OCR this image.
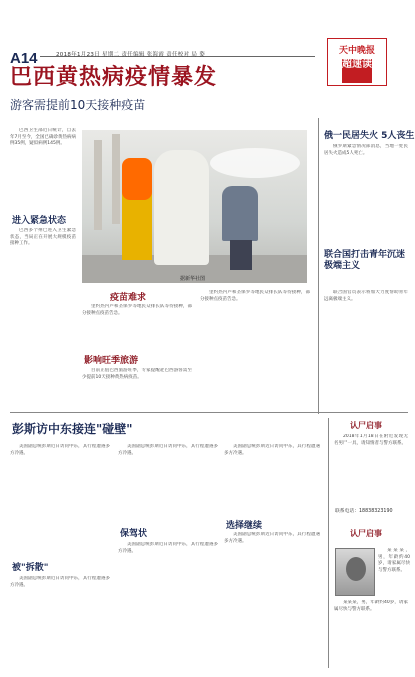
A14	2018年1月23日 星期二 责任编辑 张海霞 责任校对 局 姿	天中晚报
超速读
巴西黄热病疫情暴发
游客需提前10天接种疫苗

巴西卫生部近日统计，自去年7月至今，全国已确诊黄热病病例35例，疑似病例145例。

进入紧急状态

巴西多个州已进入卫生紧急状态，当局正在开展大规模疫苗接种工作。

据新华社图
疫苗难求

里约热内卢和圣保罗等地民众排长队等待接种，部分接种点疫苗告急。

影响旺季旅游

目前正值巴西旅游旺季，专家提醒赴巴西游客需至少提前10天接种黄热病疫苗。

里约热内卢和圣保罗等地民众排长队等待接种，部分接种点疫苗告急。

俄一民居失火 5人丧生

俄罗斯紧急情况部消息，当地一处民居失火造成5人死亡。

联合国打击青年沉迷极端主义

联合国官员表示将加大力度帮助青年远离极端主义。

彭斯访中东接连"碰壁"

美国副总统彭斯近日访问中东，其行程遭遇多方冷遇。

被"拆散"

美国副总统彭斯近日访问中东，其行程遭遇多方冷遇。

美国副总统彭斯近日访问中东，其行程遭遇多方冷遇。

保驾状

美国副总统彭斯近日访问中东，其行程遭遇多方冷遇。

美国副总统彭斯近日访问中东，其行程遭遇多方冷遇。

选择继续

美国副总统彭斯近日访问中东，其行程遭遇多方冷遇。

认尸启事

2018年1月18日在附近发现无名男尸一具，请知情者与警方联系。

联系电话：18838323190
认尸启事

某某某，男，年龄约40岁，请家属尽快与警方联系。

某某某，男，年龄约40岁，请家属尽快与警方联系。
